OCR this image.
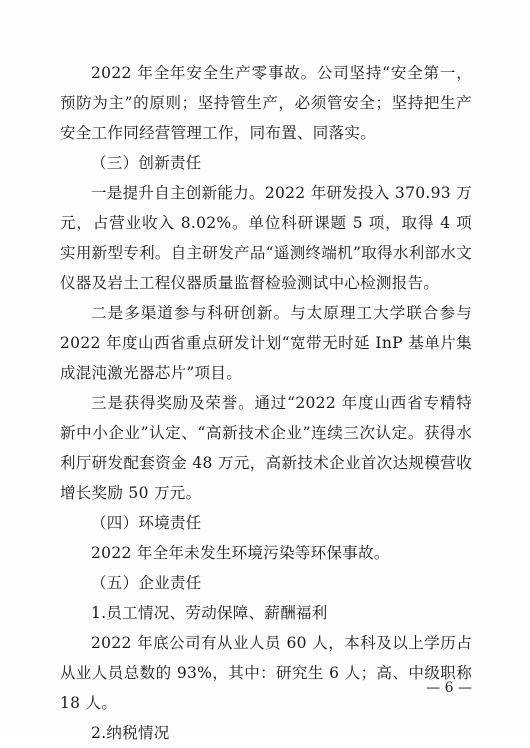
2022 年全年安全生产零事故。公司坚持“安全第一，预防为主”的原则；坚持管生产，必须管安全；坚持把生产安全工作同经营管理工作，同布置、同落实。

（三）创新责任

一是提升自主创新能力。2022 年研发投入 370.93 万元，占营业收入 8.02%。单位科研课题 5 项，取得 4 项实用新型专利。自主研发产品“遥测终端机”取得水利部水文仪器及岩土工程仪器质量监督检验测试中心检测报告。

二是多渠道参与科研创新。与太原理工大学联合参与 2022 年度山西省重点研发计划“宽带无时延 InP 基单片集成混沌激光器芯片”项目。

三是获得奖励及荣誉。通过“2022 年度山西省专精特新中小企业”认定、“高新技术企业”连续三次认定。获得水利厅研发配套资金 48 万元，高新技术企业首次达规模营收增长奖励 50 万元。

（四）环境责任

2022 年全年未发生环境污染等环保事故。

（五）企业责任

1.员工情况、劳动保障、薪酬福利

2022 年底公司有从业人员 60 人，本科及以上学历占从业人员总数的 93%，其中：研究生 6 人；高、中级职称 18 人。

2.纳税情况

— 6 —
